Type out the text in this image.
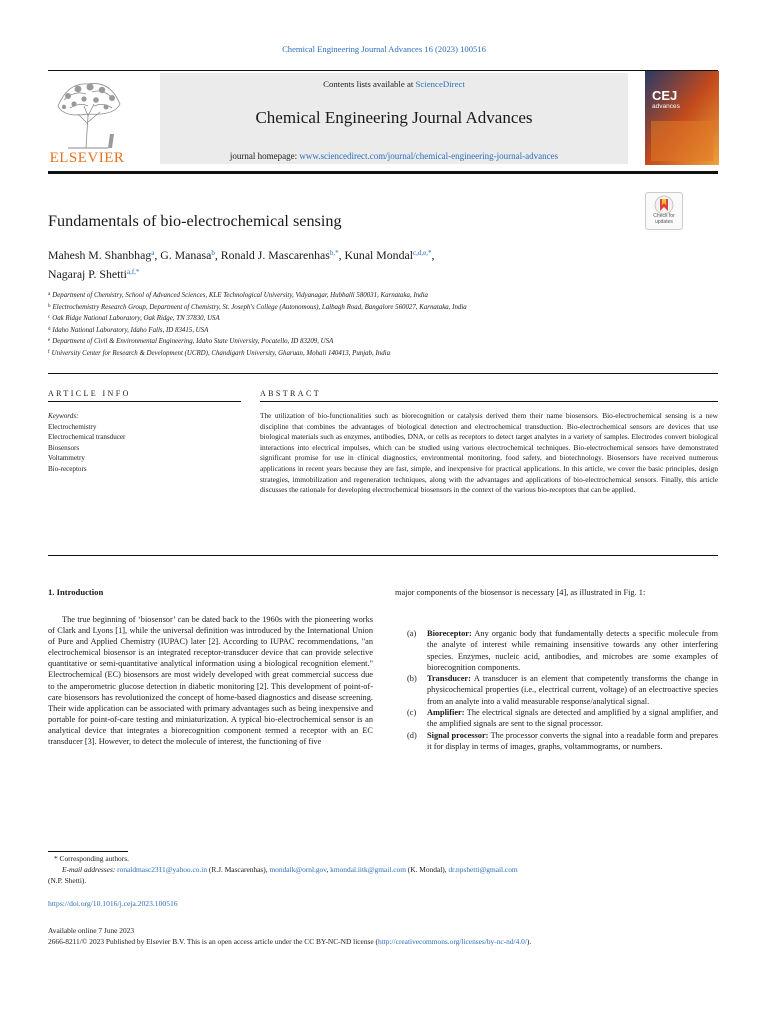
Chemical Engineering Journal Advances 16 (2023) 100516
ELSEVIER
Contents lists available at ScienceDirect
Chemical Engineering Journal Advances
journal homepage: www.sciencedirect.com/journal/chemical-engineering-journal-advances
CEJ
advances
Check for updates
Fundamentals of bio-electrochemical sensing
Mahesh M. Shanbhag$^a$, G. Manasa$^b$, Ronald J. Mascarenhas$^{b,*}$, Kunal Mondal$^{c,d,e,*}$,
Nagaraj P. Shetti$^{a,f,*}$
$^a$ Department of Chemistry, School of Advanced Sciences, KLE Technological University, Vidyanagar, Hubballi 580031, Karnataka, India
$^b$ Electrochemistry Research Group, Department of Chemistry, St. Joseph's College (Autonomous), Lalbagh Road, Bangalore 560027, Karnataka, India
$^c$ Oak Ridge National Laboratory, Oak Ridge, TN 37830, USA
$^d$ Idaho National Laboratory, Idaho Falls, ID 83415, USA
$^e$ Department of Civil & Environmental Engineering, Idaho State University, Pocatello, ID 83209, USA
$^f$ University Center for Research & Development (UCRD), Chandigarh University, Gharuan, Mohali 140413, Punjab, India
ARTICLE INFO	ABSTRACT
Keywords:
Electrochemistry
Electrochemical transducer
Biosensors
Voltammetry
Bio-receptors
The utilization of bio-functionalities such as biorecognition or catalysis derived them their name biosensors. Bio-electrochemical sensing is a new discipline that combines the advantages of biological detection and electrochemical transduction. Bio-electrochemical sensors are devices that use biological materials such as enzymes, antibodies, DNA, or cells as receptors to detect target analytes in a variety of samples. Electrodes convert biological interactions into electrical impulses, which can be studied using various electrochemical techniques. Bio-electrochemical sensors have demonstrated significant promise for use in clinical diagnostics, environmental monitoring, food safety, and biotechnology. Biosensors have received numerous applications in recent years because they are fast, simple, and inexpensive for practical applications. In this article, we cover the basic principles, design strategies, immobilization and regeneration techniques, along with the advantages and applications of bio-electrochemical sensors. Finally, this article discusses the rationale for developing electrochemical biosensors in the context of the various bio-receptors that can be applied.
1. Introduction

The true beginning of ‘biosensor’ can be dated back to the 1960s with the pioneering works of Clark and Lyons [1], while the universal definition was introduced by the International Union of Pure and Applied Chemistry (IUPAC) later [2]. According to IUPAC recommendations, "an electrochemical biosensor is an integrated receptor-transducer device that can provide selective quantitative or semi-quantitative analytical information using a biological recognition element." Electrochemical (EC) biosensors are most widely developed with great commercial success due to the amperometric glucose detection in diabetic monitoring [2]. This development of point-of-care biosensors has revolutionized the concept of home-based diagnostics and disease screening. Their wide application can be associated with primary advantages such as being inexpensive and portable for point-of-care testing and miniaturization. A typical bio-electrochemical sensor is an analytical device that integrates a biorecognition component termed a receptor with an EC transducer [3]. However, to detect the molecule of interest, the functioning of five

major components of the biosensor is necessary [4], as illustrated in Fig. 1:
(a) Bioreceptor: Any organic body that fundamentally detects a specific molecule from the analyte of interest while remaining insensitive towards any other interfering species. Enzymes, nucleic acid, antibodies, and microbes are some examples of biorecognition components.
(b) Transducer: A transducer is an element that competently transforms the change in physicochemical properties (i.e., electrical current, voltage) of an electroactive species from an analyte into a valid measurable response/analytical signal.
(c) Amplifier: The electrical signals are detected and amplified by a signal amplifier, and the amplified signals are sent to the signal processor.
(d) Signal processor: The processor converts the signal into a readable form and prepares it for display in terms of images, graphs, voltammograms, or numbers.
* Corresponding authors.
E-mail addresses: ronaldmasc2311@yahoo.co.in (R.J. Mascarenhas), mondalk@ornl.gov, kmondal.iitk@gmail.com (K. Mondal), dr.npshetti@gmail.com
(N.P. Shetti).
https://doi.org/10.1016/j.ceja.2023.100516
Available online 7 June 2023
2666-8211/© 2023 Published by Elsevier B.V. This is an open access article under the CC BY-NC-ND license (http://creativecommons.org/licenses/by-nc-nd/4.0/).
